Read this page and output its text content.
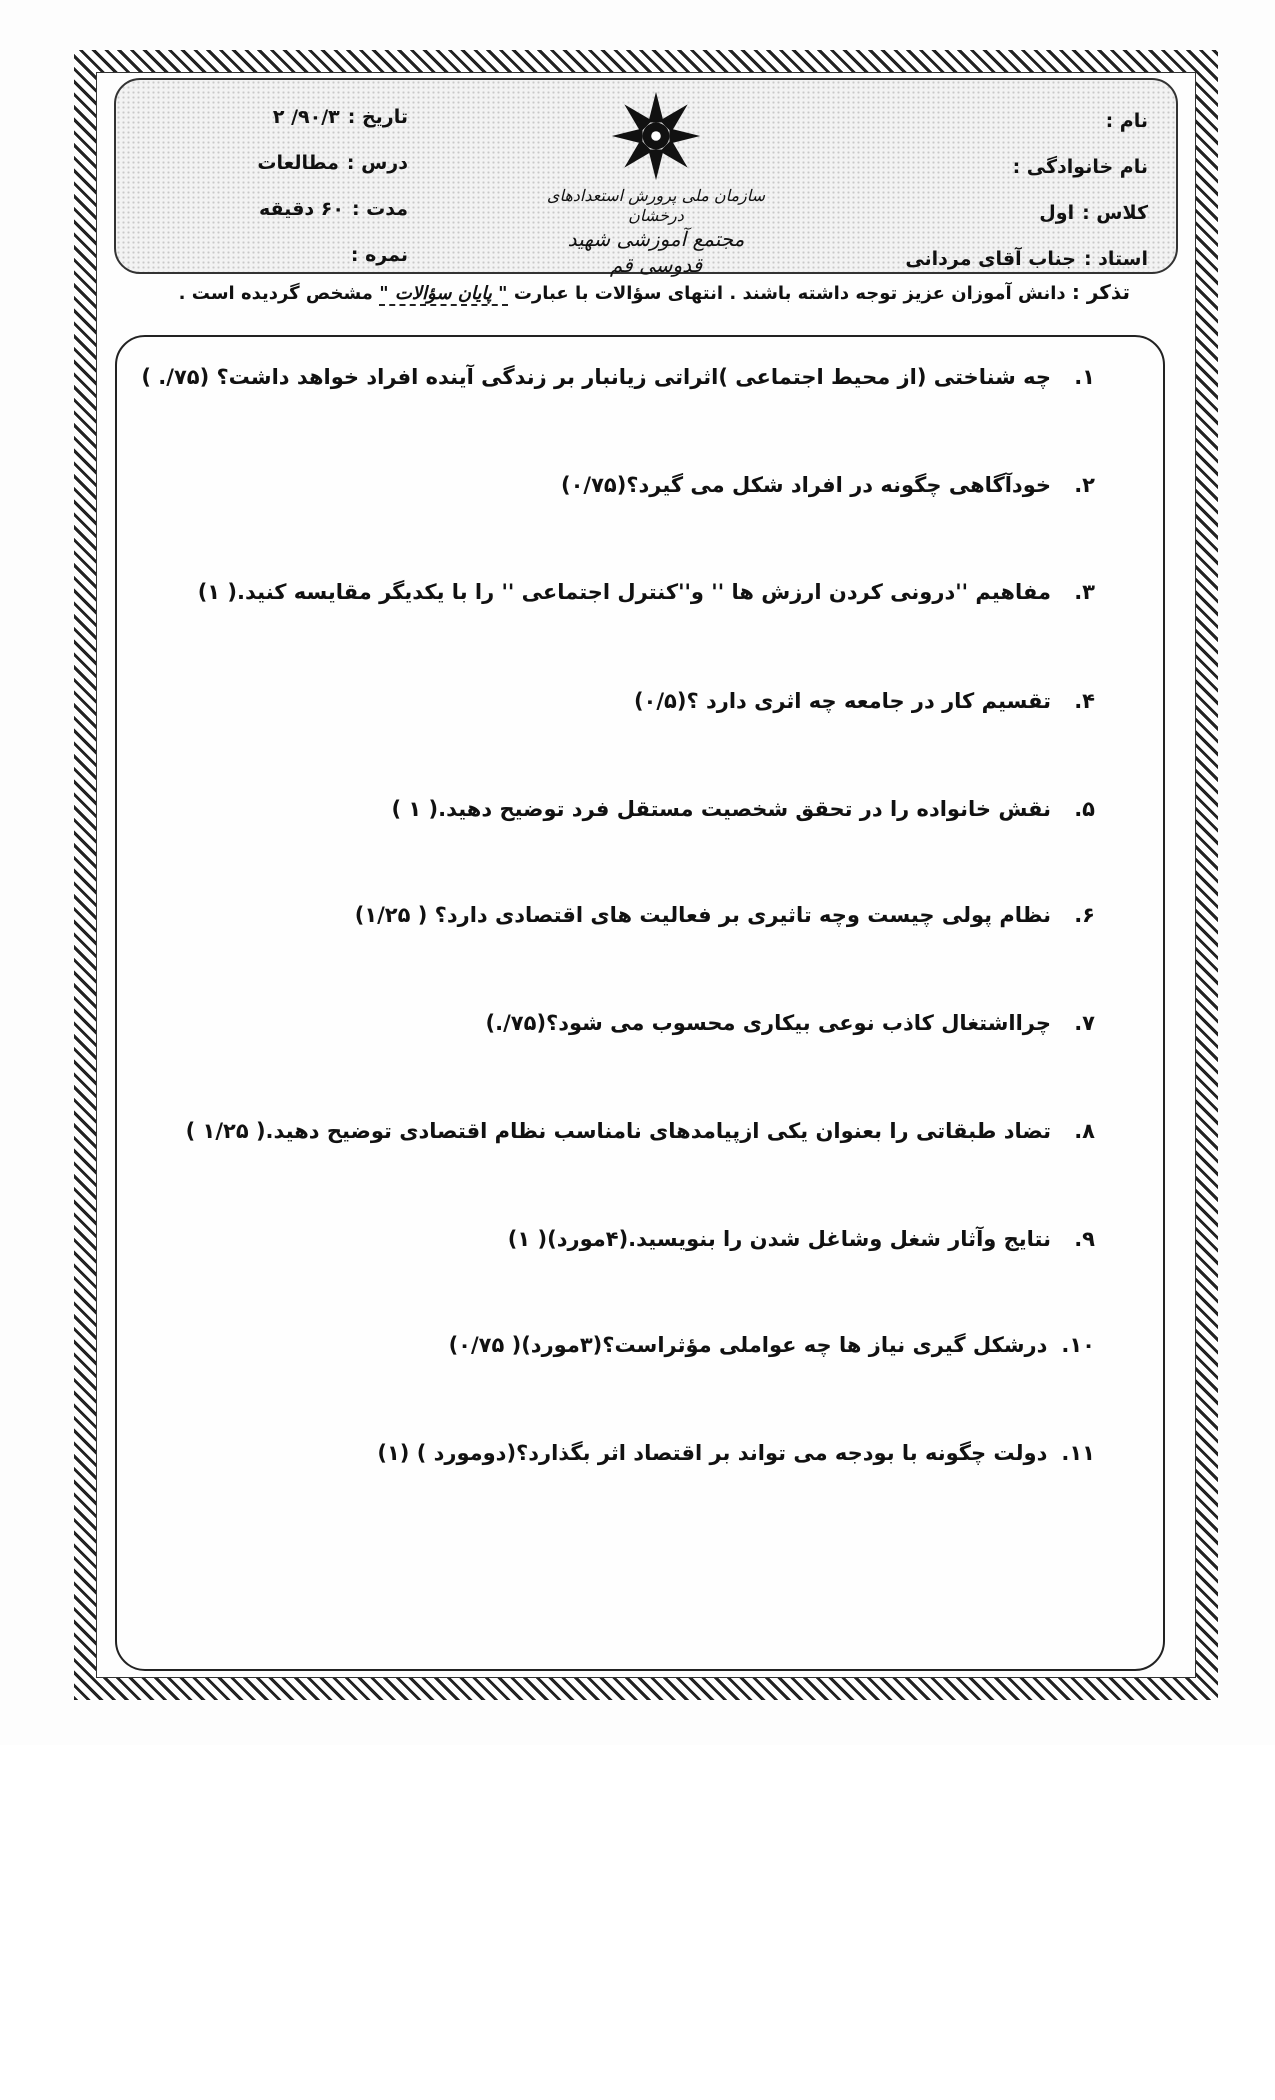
نام :
نام خانوادگی :
کلاس :اول
استاد :جناب آقای مردانی
سازمان ملی پرورش استعدادهای درخشان
مجتمع آموزشی شهید قدوسی قم
تاریخ :۹۰/۳/ ۲
درس :مطالعات
مدت :۶۰ دقیقه
نمره :
تذکر : دانش آموزان عزیز توجه داشته باشند . انتهای سؤالات با عبارت " پایان سؤالات " مشخص گردیده است .
۱.چه شناختی (از محیط اجتماعی )اثراتی زیانبار بر زندگی آینده افراد خواهد داشت؟ (۷۵/. )
۲.خودآگاهی چگونه در افراد شکل می گیرد؟(۰/۷۵)
۳.مفاهیم ''درونی کردن ارزش ها '' و''کنترل اجتماعی '' را با یکدیگر مقایسه کنید.( ۱)
۴.تقسیم کار در جامعه چه اثری دارد ؟(۰/۵)
۵.نقش خانواده را در تحقق شخصیت مستقل فرد توضیح دهید.( ۱ )
۶.نظام پولی چیست وچه تاثیری بر فعالیت های اقتصادی دارد؟ ( ۱/۲۵)
۷.چرااشتغال کاذب نوعی بیکاری محسوب می شود؟(۷۵/.)
۸.تضاد طبقاتی را بعنوان یکی ازپیامدهای نامناسب نظام اقتصادی توضیح دهید.( ۱/۲۵ )
۹.نتایج وآثار شغل وشاغل شدن را بنویسید.(۴مورد)( ۱)
۱۰.درشکل گیری نیاز ها چه عواملی مؤثراست؟(۳مورد)( ۰/۷۵)
۱۱.دولت چگونه با بودجه می تواند بر اقتصاد اثر بگذارد؟(دومورد ) (۱)
